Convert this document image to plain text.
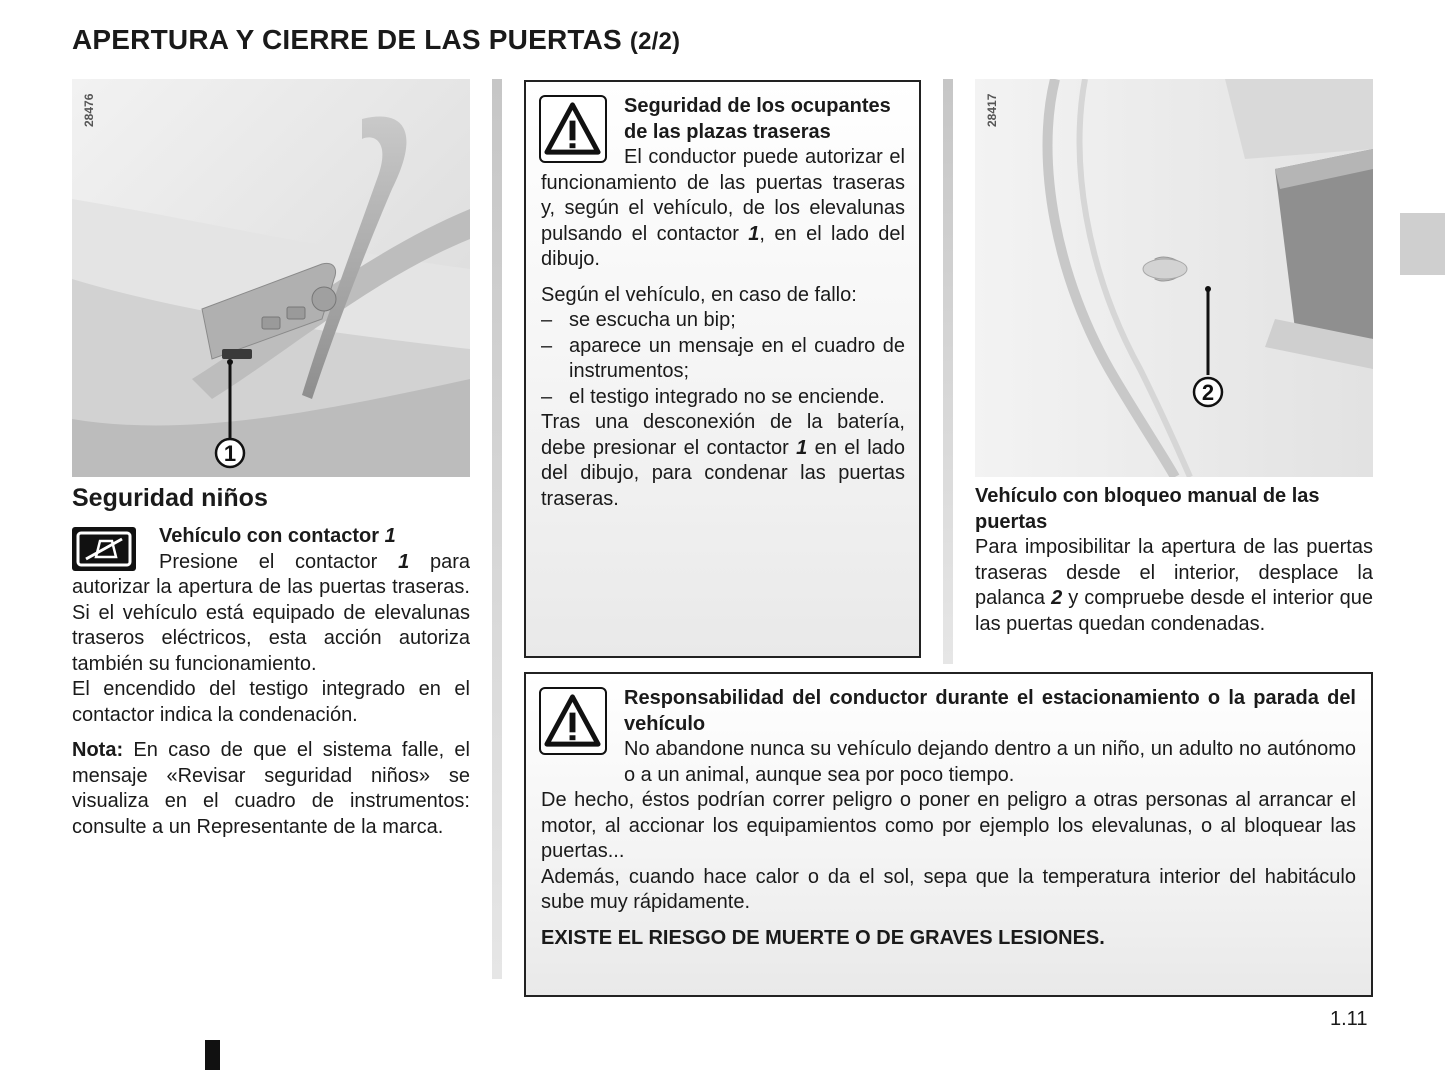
APERTURA Y CIERRE DE LAS PUERTAS (2/2)
1
28476
Seguridad niños

Vehículo con contactor 1

Presione el contactor 1 para autorizar la apertura de las puertas traseras. Si el vehículo está equipado de elevalunas traseros eléctricos, esta acción autoriza también su funcionamiento.

El encendido del testigo integrado en el contactor indica la condenación.

Nota: En caso de que el sistema falle, el mensaje «Revisar seguridad niños» se visualiza en el cuadro de instrumentos: consulte a un Representante de la marca.

Seguridad de los ocupantes de las plazas traseras

El conductor puede autorizar el funcionamiento de las puertas traseras y, según el vehículo, de los elevalunas pulsando el contactor 1, en el lado del dibujo.

Según el vehículo, en caso de fallo:

– se escucha un bip;
– aparece un mensaje en el cuadro de instrumentos;
– el testigo integrado no se enciende.

Tras una desconexión de la batería, debe presionar el contactor 1 en el lado del dibujo, para condenar las puertas traseras.

2
28417

Vehículo con bloqueo manual de las puertas

Para imposibilitar la apertura de las puertas traseras desde el interior, desplace la palanca 2 y compruebe desde el interior que las puertas quedan condenadas.

Responsabilidad del conductor durante el estacionamiento o la parada del vehículo

No abandone nunca su vehículo dejando dentro a un niño, un adulto no autónomo o a un animal, aunque sea por poco tiempo.

De hecho, éstos podrían correr peligro o poner en peligro a otras personas al arrancar el motor, al accionar los equipamientos como por ejemplo los elevalunas, o al bloquear las puertas...

Además, cuando hace calor o da el sol, sepa que la temperatura interior del habitáculo sube muy rápidamente.

EXISTE EL RIESGO DE MUERTE O DE GRAVES LESIONES.

1.11
